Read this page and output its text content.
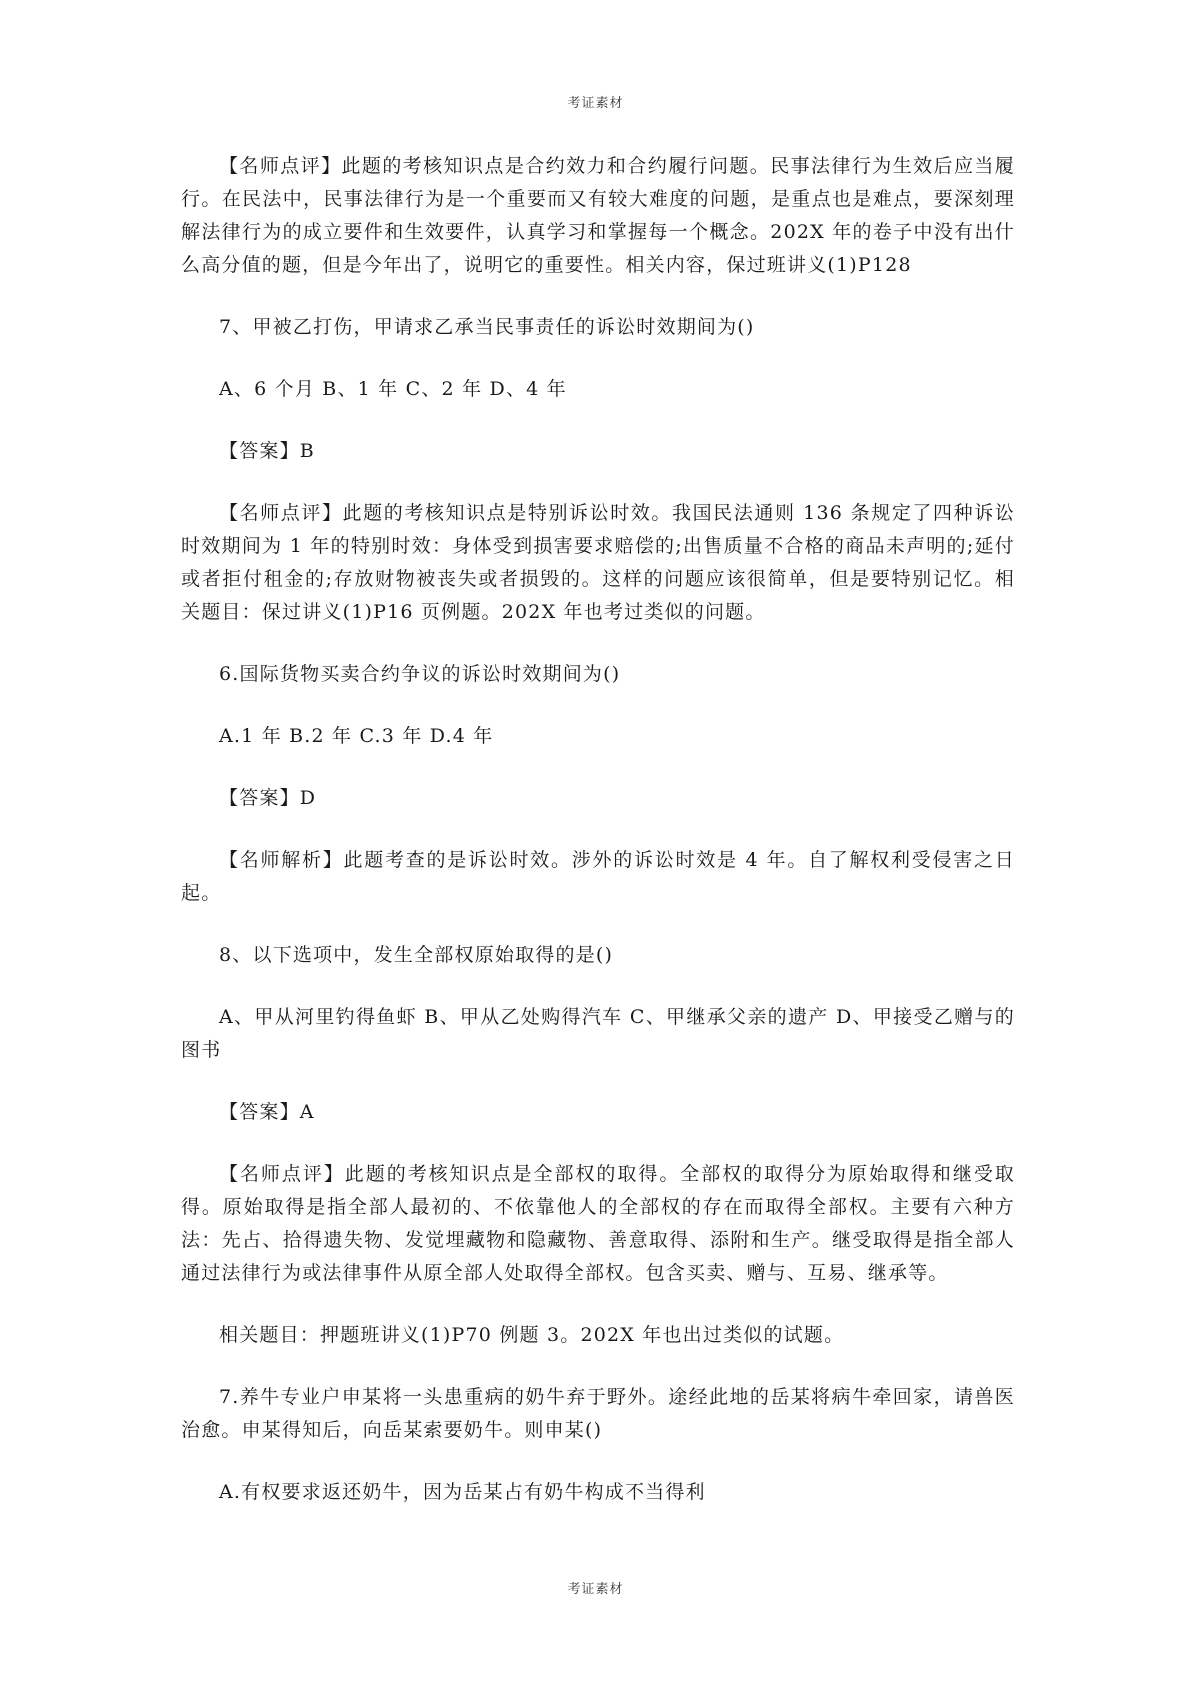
考证素材

【名师点评】此题的考核知识点是合约效力和合约履行问题。民事法律行为生效后应当履行。在民法中，民事法律行为是一个重要而又有较大难度的问题，是重点也是难点，要深刻理解法律行为的成立要件和生效要件，认真学习和掌握每一个概念。202X 年的卷子中没有出什么高分值的题，但是今年出了，说明它的重要性。相关内容，保过班讲义(1)P128

7、甲被乙打伤，甲请求乙承当民事责任的诉讼时效期间为()

A、6 个月 B、1 年 C、2 年 D、4 年

【答案】B

【名师点评】此题的考核知识点是特别诉讼时效。我国民法通则 136 条规定了四种诉讼时效期间为 1 年的特别时效：身体受到损害要求赔偿的;出售质量不合格的商品未声明的;延付或者拒付租金的;存放财物被丧失或者损毁的。这样的问题应该很简单，但是要特别记忆。相关题目：保过讲义(1)P16 页例题。202X 年也考过类似的问题。

6.国际货物买卖合约争议的诉讼时效期间为()

A.1 年 B.2 年 C.3 年 D.4 年

【答案】D

【名师解析】此题考查的是诉讼时效。涉外的诉讼时效是 4 年。自了解权利受侵害之日起。

8、以下选项中，发生全部权原始取得的是()

A、甲从河里钓得鱼虾 B、甲从乙处购得汽车 C、甲继承父亲的遗产 D、甲接受乙赠与的图书

【答案】A

【名师点评】此题的考核知识点是全部权的取得。全部权的取得分为原始取得和继受取得。原始取得是指全部人最初的、不依靠他人的全部权的存在而取得全部权。主要有六种方法：先占、拾得遗失物、发觉埋藏物和隐藏物、善意取得、添附和生产。继受取得是指全部人通过法律行为或法律事件从原全部人处取得全部权。包含买卖、赠与、互易、继承等。

相关题目：押题班讲义(1)P70 例题 3。202X 年也出过类似的试题。

7.养牛专业户申某将一头患重病的奶牛弃于野外。途经此地的岳某将病牛牵回家，请兽医治愈。申某得知后，向岳某索要奶牛。则申某()

A.有权要求返还奶牛，因为岳某占有奶牛构成不当得利

考证素材
